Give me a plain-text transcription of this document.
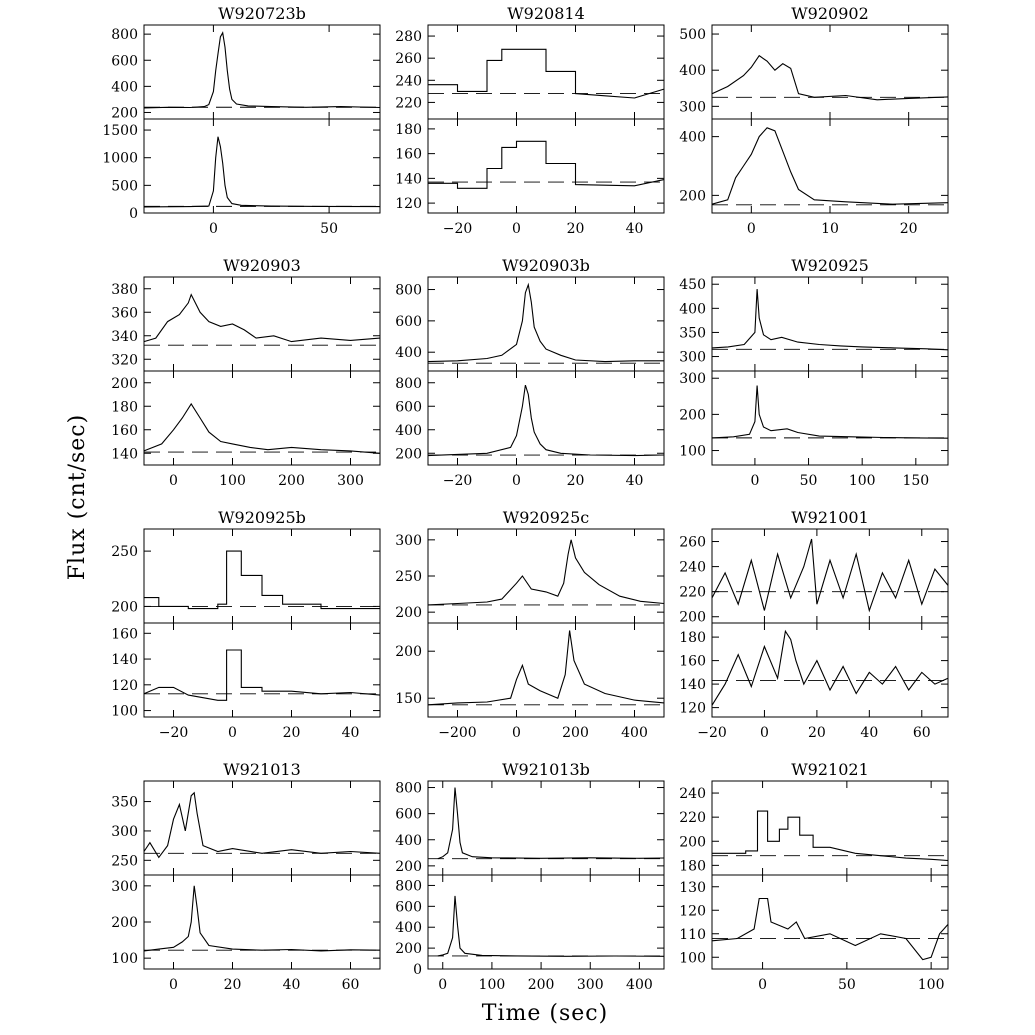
W920723b
200
400
600
800
0
500
1000
1500
0	50
W920814
220
240
260
280
120
140
160
180
−20	0	20	40
W920902
300
400
500
200
400
0	10	20
W920903
320
340
360
380
140
160
180
200
0	100 200 300
W920903b
400
600
800
200
400
600
800
−20	0	20	40
W920925
300
350
400
450
100
200
300
0	50 100 150
W920925b
200
250
100
120
140
160
−20	0	20	40
W920925c
200
250
300
150
200
−200	0	200 400
W921001
200
220
240
260
120
140
160
180
−20 0	20 40 60
W921013
250
300
350
100
200
300
0	20	40	60
W921013b
200
400
600
800
0
200
400
600
800
0 100 200 300 400
W921021
180
200
220
240
100
110
120
130
0	50	100
Flux (cnt/sec)
Time (sec)
